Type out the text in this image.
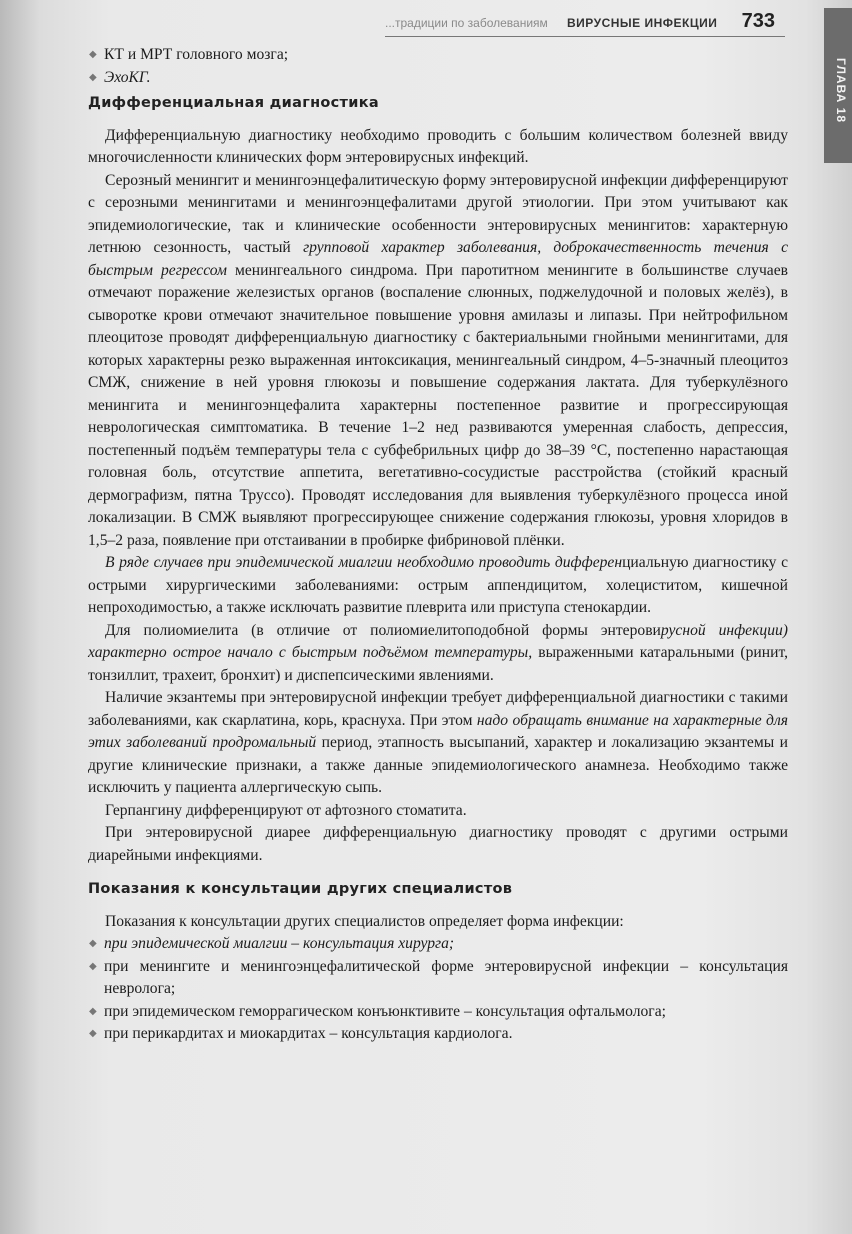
...традиции по заболеваниям ВИРУСНЫЕ ИНФЕКЦИИ 733
ГЛАВА 18
◆ КТ и МРТ головного мозга;
◆ ЭхоКГ.
Дифференциальная диагностика

Дифференциальную диагностику необходимо проводить с большим количеством болезней ввиду многочисленности клинических форм энтеровирусных инфекций.

Серозный менингит и менингоэнцефалитическую форму энтеровирусной инфекции дифференцируют с серозными менингитами и менингоэнцефалитами другой этиологии. При этом учитывают как эпидемиологические, так и клинические особенности энтеровирусных менингитов: характерную летнюю сезонность, частый групповой характер заболевания, доброкачественность течения с быстрым регрессом менингеального синдрома. При паротитном менингите в большинстве случаев отмечают поражение железистых органов (воспаление слюнных, поджелудочной и половых желёз), в сыворотке крови отмечают значительное повышение уровня амилазы и липазы. При нейтрофильном плеоцитозе проводят дифференциальную диагностику с бактериальными гнойными менингитами, для которых характерны резко выраженная интоксикация, менингеальный синдром, 4–5-значный плеоцитоз СМЖ, снижение в ней уровня глюкозы и повышение содержания лактата. Для туберкулёзного менингита и менингоэнцефалита характерны постепенное развитие и прогрессирующая неврологическая симптоматика. В течение 1–2 нед развиваются умеренная слабость, депрессия, постепенный подъём температуры тела с субфебрильных цифр до 38–39 °С, постепенно нарастающая головная боль, отсутствие аппетита, вегетативно-сосудистые расстройства (стойкий красный дермографизм, пятна Труссо). Проводят исследования для выявления туберкулёзного процесса иной локализации. В СМЖ выявляют прогрессирующее снижение содержания глюкозы, уровня хлоридов в 1,5–2 раза, появление при отстаивании в пробирке фибриновой плёнки.

В ряде случаев при эпидемической миалгии необходимо проводить дифференциальную диагностику с острыми хирургическими заболеваниями: острым аппендицитом, холециститом, кишечной непроходимостью, а также исключать развитие плеврита или приступа стенокардии.

Для полиомиелита (в отличие от полиомиелитоподобной формы энтеровирусной инфекции) характерно острое начало с быстрым подъёмом температуры, выраженными катаральными (ринит, тонзиллит, трахеит, бронхит) и диспепсическими явлениями.

Наличие экзантемы при энтеровирусной инфекции требует дифференциальной диагностики с такими заболеваниями, как скарлатина, корь, краснуха. При этом надо обращать внимание на характерные для этих заболеваний продромальный период, этапность высыпаний, характер и локализацию экзантемы и другие клинические признаки, а также данные эпидемиологического анамнеза. Необходимо также исключить у пациента аллергическую сыпь.

Герпангину дифференцируют от афтозного стоматита.

При энтеровирусной диарее дифференциальную диагностику проводят с другими острыми диарейными инфекциями.

Показания к консультации других специалистов

Показания к консультации других специалистов определяет форма инфекции:

◆ при эпидемической миалгии – консультация хирурга;
◆ при менингите и менингоэнцефалитической форме энтеровирусной инфекции – консультация невролога;
◆ при эпидемическом геморрагическом конъюнктивите – консультация офтальмолога;
◆ при перикардитах и миокардитах – консультация кардиолога.
